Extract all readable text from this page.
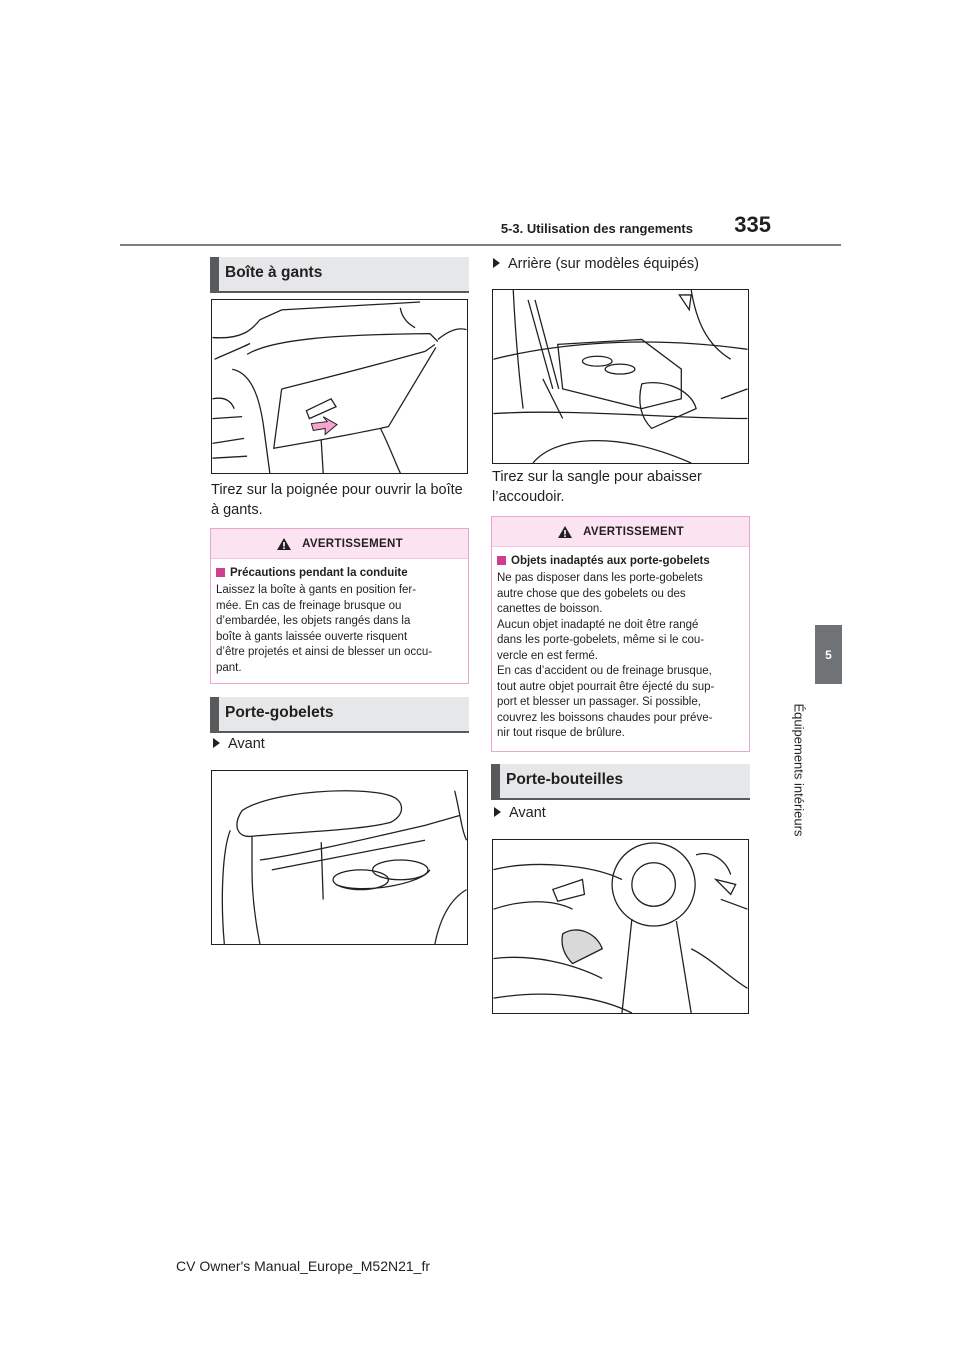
5-3. Utilisation des rangements	335
5
Équipements intérieurs
Boîte à gants
Tirez sur la poignée pour ouvrir la boîte à gants.
AVERTISSEMENT
Précautions pendant la conduite
Laissez la boîte à gants en position fer-
mée. En cas de freinage brusque ou
d’embardée, les objets rangés dans la
boîte à gants laissée ouverte risquent
d’être projetés et ainsi de blesser un occu-
pant.
Porte-gobelets
Avant
Arrière (sur modèles équipés)
Tirez sur la sangle pour abaisser l’accoudoir.
AVERTISSEMENT
Objets inadaptés aux porte-gobelets
Ne pas disposer dans les porte-gobelets
autre chose que des gobelets ou des
canettes de boisson.
Aucun objet inadapté ne doit être rangé
dans les porte-gobelets, même si le cou-
vercle en est fermé.
En cas d’accident ou de freinage brusque,
tout autre objet pourrait être éjecté du sup-
port et blesser un passager. Si possible,
couvrez les boissons chaudes pour préve-
nir tout risque de brûlure.
Porte-bouteilles
Avant
CV Owner's Manual_Europe_M52N21_fr
